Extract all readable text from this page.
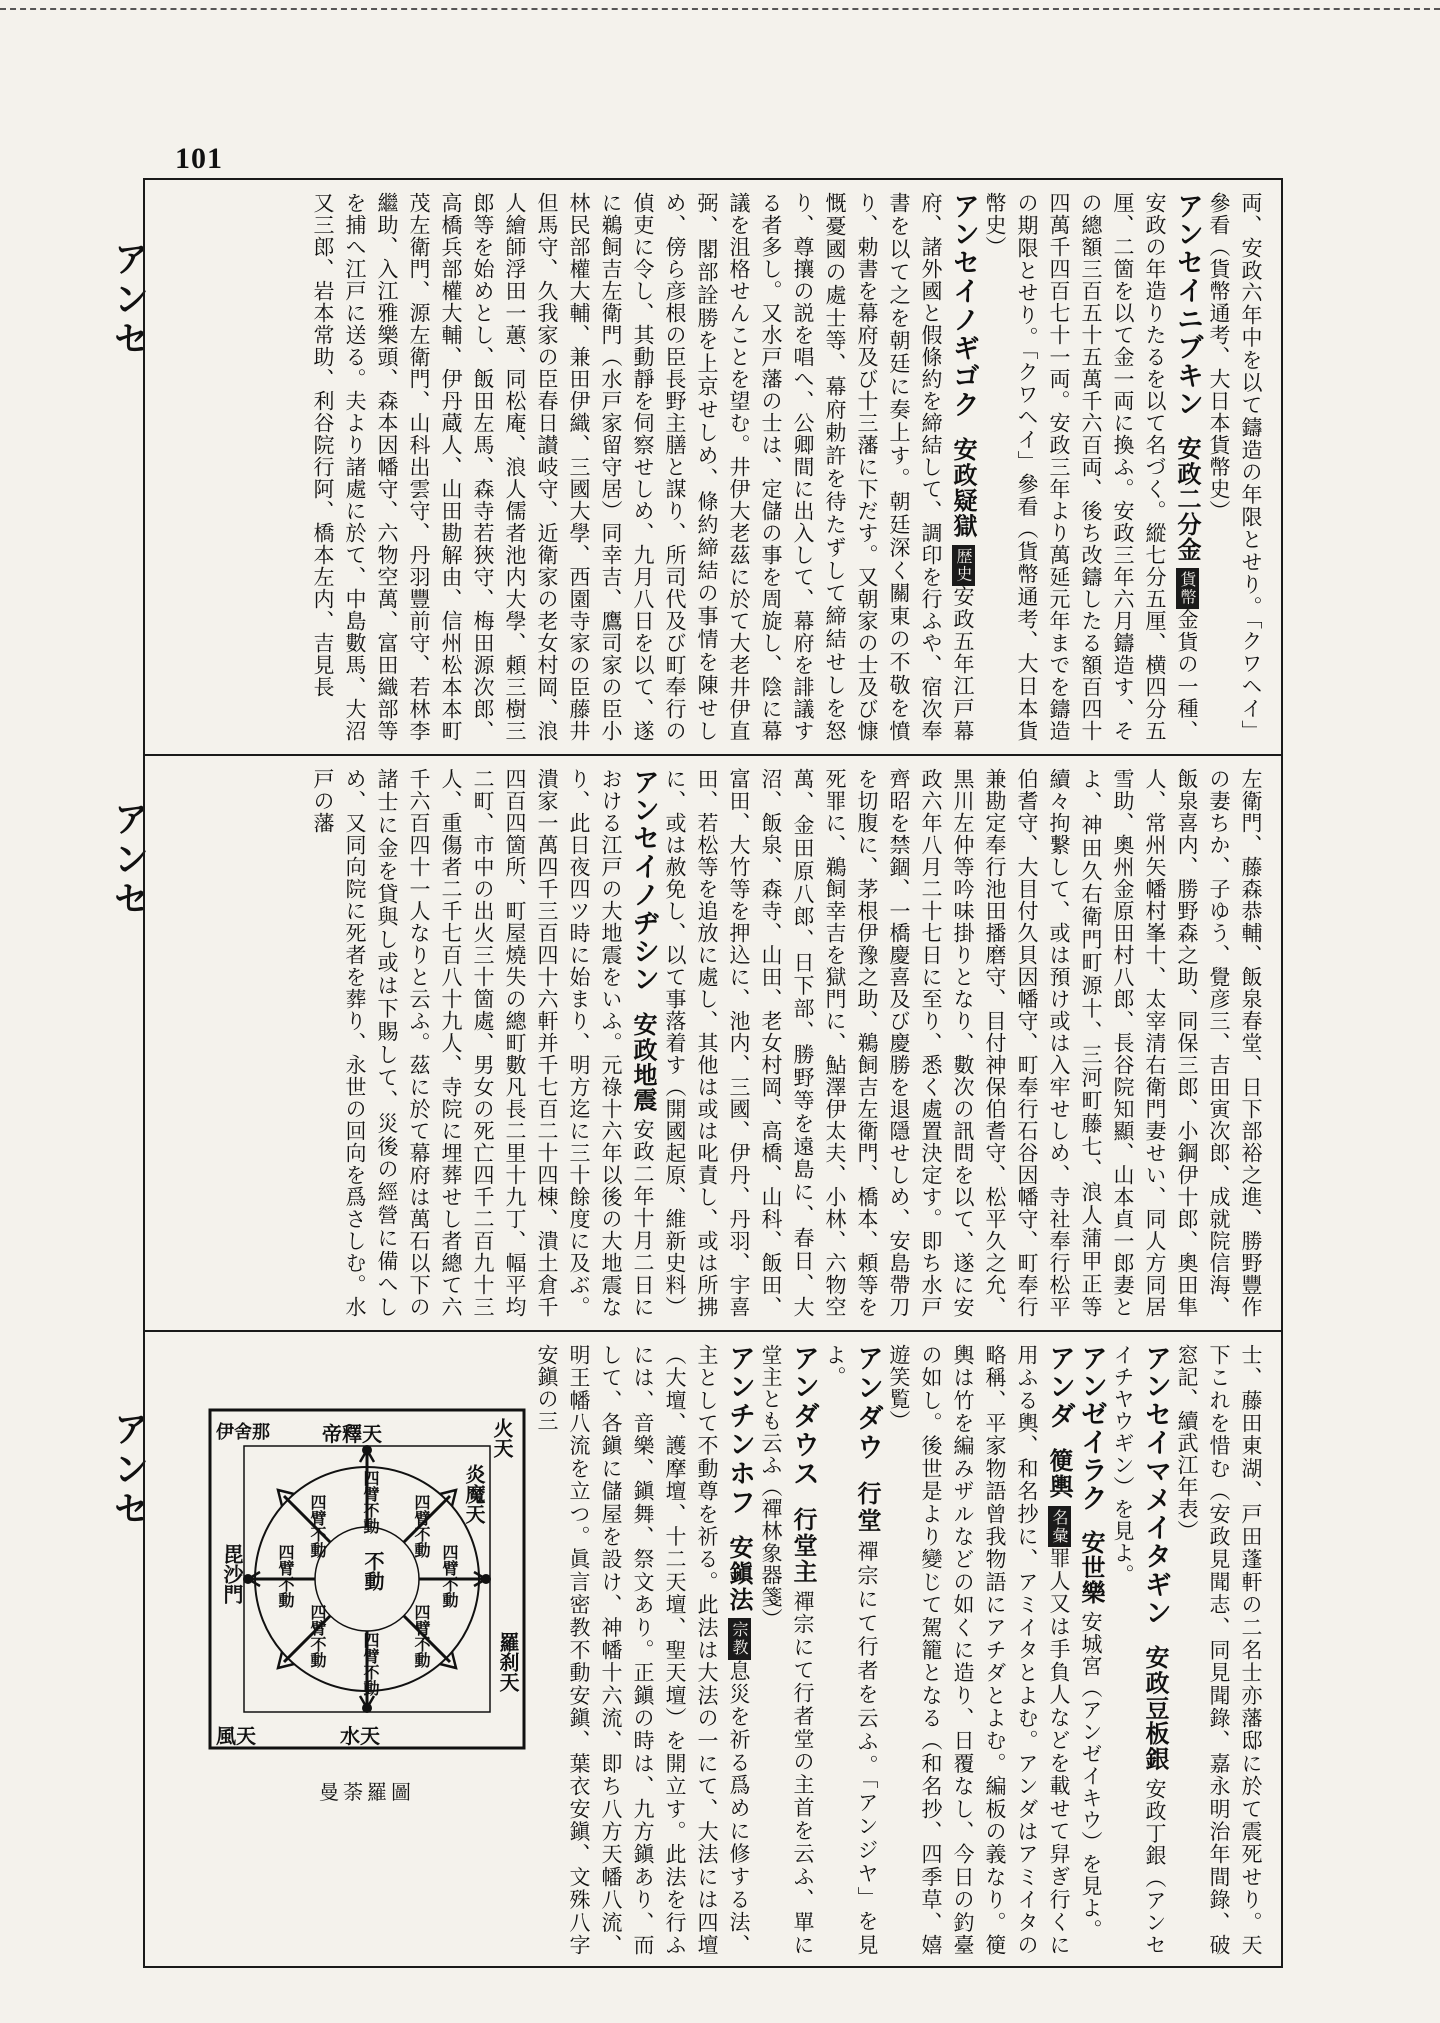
101
アンセ
アンセ
アンセ
両、安政六年中を以て鑄造の年限とせり。「クワヘイ」參看（貨幣通考、大日本貨幣史）
アンセイニブキン安政二分金貨幣金貨の一種、安政の年造りたるを以て名づく。縱七分五厘、横四分五厘、二箇を以て金一両に換ふ。安政三年六月鑄造す、その總額三百五十五萬千六百両、後ち改鑄したる額百四十四萬千四百七十一両。安政三年より萬延元年までを鑄造の期限とせり。「クワヘイ」參看（貨幣通考、大日本貨幣史）
アンセイノギゴク安政疑獄歴史安政五年江戸幕府、諸外國と假條約を締結して、調印を行ふや、宿次奉書を以て之を朝廷に奏上す。朝廷深く關東の不敬を憤り、勅書を幕府及び十三藩に下だす。又朝家の士及び慷慨憂國の處士等、幕府勅許を待たずして締結せしを怒り、尊攘の説を唱へ、公卿間に出入して、幕府を誹議する者多し。又水戸藩の士は、定儲の事を周旋し、陰に幕議を沮格せんことを望む。井伊大老茲に於て大老井伊直弼、閣部詮勝を上京せしめ、條約締結の事情を陳せしめ、傍ら彦根の臣長野主膳と謀り、所司代及び町奉行の偵吏に令し、其動靜を伺察せしめ、九月八日を以て、遂に鵜飼吉左衛門（水戸家留守居）同幸吉、鷹司家の臣小林民部權大輔、兼田伊織、三國大學、西園寺家の臣藤井但馬守、久我家の臣春日讃岐守、近衛家の老女村岡、浪人繪師浮田一蕙、同松庵、浪人儒者池内大學、頼三樹三郎等を始めとし、飯田左馬、森寺若狹守、梅田源次郎、高橋兵部權大輔、伊丹蔵人、山田勘解由、信州松本本町茂左衛門、源左衛門、山科出雲守、丹羽豐前守、若林李繼助、入江雅樂頭、森本因幡守、六物空萬、富田織部等を捕へ江戸に送る。夫より諸處に於て、中島數馬、大沼又三郎、岩本常助、利谷院行阿、橋本左内、吉見長
左衛門、藤森恭輔、飯泉春堂、日下部裕之進、勝野豐作の妻ちか、子ゆう、覺彦三、吉田寅次郎、成就院信海、飯泉喜内、勝野森之助、同保三郎、小鋼伊十郎、奧田隼人、常州矢幡村峯十、太宰清右衛門妻せい、同人方同居雪助、奧州金原田村八郎、長谷院知顯、山本貞一郎妻とよ、神田久右衛門町源十、三河町藤七、浪人蒲甲正等續々拘繋して、或は預け或は入牢せしめ、寺社奉行松平伯耆守、大目付久貝因幡守、町奉行石谷因幡守、町奉行兼勘定奉行池田播磨守、目付神保伯耆守、松平久之允、黒川左仲等吟味掛りとなり、數次の訊問を以て、遂に安政六年八月二十七日に至り、悉く處置決定す。即ち水戸齊昭を禁錮、一橋慶喜及び慶勝を退隱せしめ、安島帶刀を切腹に、茅根伊豫之助、鵜飼吉左衛門、橋本、頼等を死罪に、鵜飼幸吉を獄門に、鮎澤伊太夫、小林、六物空萬、金田原八郎、日下部、勝野等を遠島に、春日、大沼、飯泉、森寺、山田、老女村岡、高橋、山科、飯田、富田、大竹等を押込に、池内、三國、伊丹、丹羽、宇喜田、若松等を追放に處し、其他は或は叱責し、或は所拂に、或は赦免し、以て事落着す（開國起原、維新史料）
アンセイノヂシン安政地震安政二年十月二日における江戸の大地震をいふ。元祿十六年以後の大地震なり、此日夜四ツ時に始まり、明方迄に三十餘度に及ぶ。潰家一萬四千三百四十六軒并千七百二十四棟、潰土倉千四百四箇所、町屋燒失の總町數凡長二里十九丁、幅平均二町、市中の出火三十箇處、男女の死亡四千二百九十三人、重傷者二千七百八十九人、寺院に埋葬せし者總て六千六百四十一人なりと云ふ。茲に於て幕府は萬石以下の諸士に金を貸與し或は下賜して、災後の經營に備へしめ、又同向院に死者を葬り、永世の回向を爲さしむ。水戸の藩
士、藤田東湖、戸田蓬軒の二名士亦藩邸に於て震死せり。天下これを惜む（安政見聞志、同見聞錄、嘉永明治年間錄、破窓記、續武江年表）
アンセイマメイタギン安政豆板銀安政丁銀（アンセイチヤウギン）を見よ。
アンゼイラク安世樂安城宮（アンゼイキウ）を見よ。
アンダ箯輿名彙罪人又は手負人などを載せて舁ぎ行くに用ふる輿、和名抄に、アミイタとよむ。アンダはアミイタの略稱、平家物語曾我物語にアチダとよむ。編板の義なり。箯輿は竹を編みザルなどの如くに造り、日覆なし、今日の釣臺の如し。後世是より變じて駕籠となる（和名抄、四季草、嬉遊笑覧）
アンダウ行堂禪宗にて行者を云ふ。「アンジヤ」を見よ。
アンダウス行堂主禪宗にて行者堂の主首を云ふ、單に堂主とも云ふ（禪林象器箋）
アンチンホフ安鎭法宗教息災を祈る爲めに修する法、主として不動尊を祈る。此法は大法の一にて、大法には四壇（大壇、護摩壇、十二天壇、聖天壇）を開立す。此法を行ふには、音樂、鎭舞、祭文あり。正鎭の時は、九方鎭あり、而して、各鎭に儲屋を設け、神幡十六流、即ち八方天幡八流、明王幡八流を立つ。眞言密教不動安鎭、葉衣安鎭、文殊八字安鎭の三
帝釋天	火天
炎魔天
伊舍那
毘沙門
羅刹天
水天
風天
不動
四臂不動
四臂不動
四臂不動	四臂不動
四臂不動	四臂不動
四臂不動	四臂不動
曼荼羅圖
